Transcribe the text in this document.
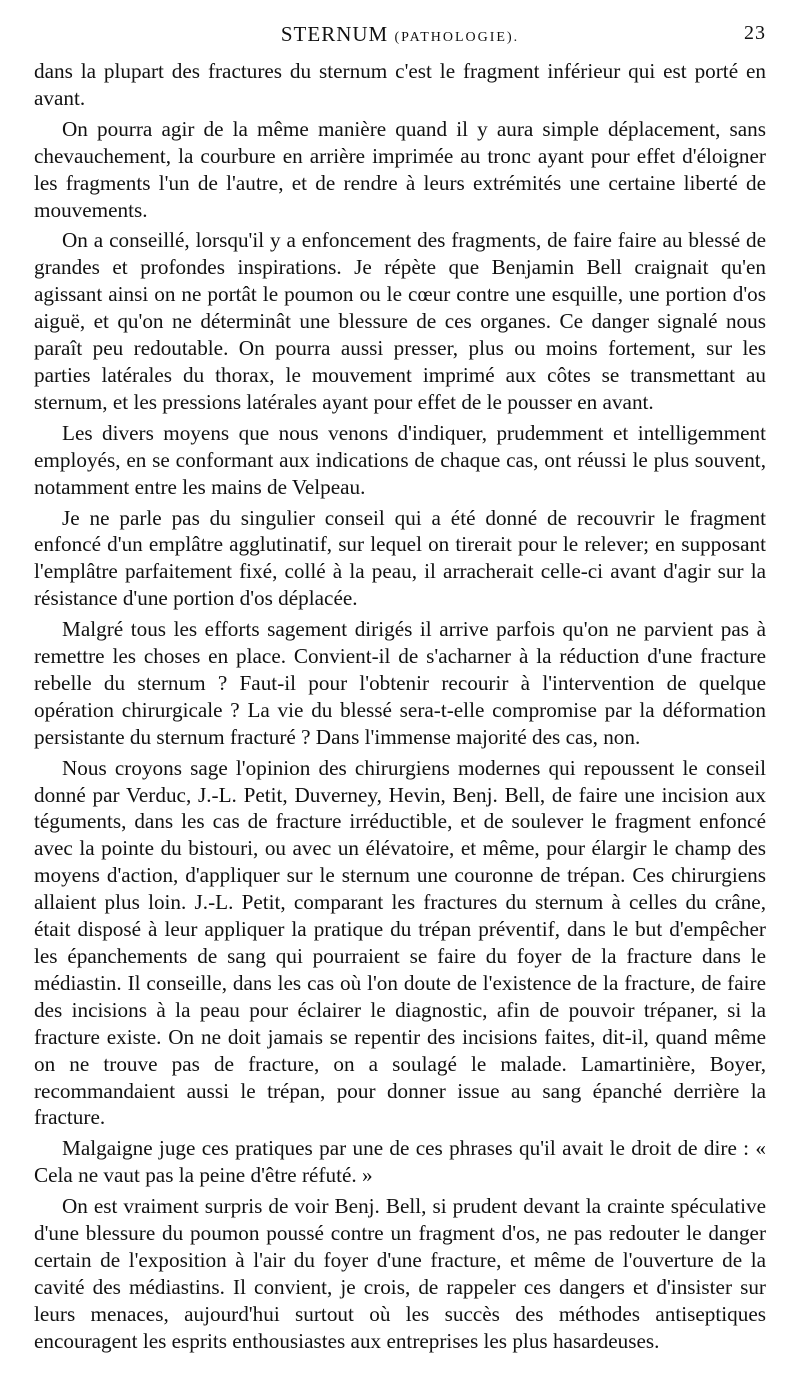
STERNUM (PATHOLOGIE).	23

dans la plupart des fractures du sternum c'est le fragment inférieur qui est porté en avant.

On pourra agir de la même manière quand il y aura simple déplacement, sans chevauchement, la courbure en arrière imprimée au tronc ayant pour effet d'éloigner les fragments l'un de l'autre, et de rendre à leurs extrémités une certaine liberté de mouvements.

On a conseillé, lorsqu'il y a enfoncement des fragments, de faire faire au blessé de grandes et profondes inspirations. Je répète que Benjamin Bell craignait qu'en agissant ainsi on ne portât le poumon ou le cœur contre une esquille, une portion d'os aiguë, et qu'on ne déterminât une blessure de ces organes. Ce danger signalé nous paraît peu redoutable. On pourra aussi presser, plus ou moins fortement, sur les parties latérales du thorax, le mouvement imprimé aux côtes se transmettant au sternum, et les pressions latérales ayant pour effet de le pousser en avant.

Les divers moyens que nous venons d'indiquer, prudemment et intelligemment employés, en se conformant aux indications de chaque cas, ont réussi le plus souvent, notamment entre les mains de Velpeau.

Je ne parle pas du singulier conseil qui a été donné de recouvrir le fragment enfoncé d'un emplâtre agglutinatif, sur lequel on tirerait pour le relever; en supposant l'emplâtre parfaitement fixé, collé à la peau, il arracherait celle-ci avant d'agir sur la résistance d'une portion d'os déplacée.

Malgré tous les efforts sagement dirigés il arrive parfois qu'on ne parvient pas à remettre les choses en place. Convient-il de s'acharner à la réduction d'une fracture rebelle du sternum ? Faut-il pour l'obtenir recourir à l'intervention de quelque opération chirurgicale ? La vie du blessé sera-t-elle compromise par la déformation persistante du sternum fracturé ? Dans l'immense majorité des cas, non.

Nous croyons sage l'opinion des chirurgiens modernes qui repoussent le conseil donné par Verduc, J.-L. Petit, Duverney, Hevin, Benj. Bell, de faire une incision aux téguments, dans les cas de fracture irréductible, et de soulever le fragment enfoncé avec la pointe du bistouri, ou avec un élévatoire, et même, pour élargir le champ des moyens d'action, d'appliquer sur le sternum une couronne de trépan. Ces chirurgiens allaient plus loin. J.-L. Petit, comparant les fractures du sternum à celles du crâne, était disposé à leur appliquer la pratique du trépan préventif, dans le but d'empêcher les épanchements de sang qui pourraient se faire du foyer de la fracture dans le médiastin. Il conseille, dans les cas où l'on doute de l'existence de la fracture, de faire des incisions à la peau pour éclairer le diagnostic, afin de pouvoir trépaner, si la fracture existe. On ne doit jamais se repentir des incisions faites, dit-il, quand même on ne trouve pas de fracture, on a soulagé le malade. Lamartinière, Boyer, recommandaient aussi le trépan, pour donner issue au sang épanché derrière la fracture.

Malgaigne juge ces pratiques par une de ces phrases qu'il avait le droit de dire : « Cela ne vaut pas la peine d'être réfuté. »

On est vraiment surpris de voir Benj. Bell, si prudent devant la crainte spéculative d'une blessure du poumon poussé contre un fragment d'os, ne pas redouter le danger certain de l'exposition à l'air du foyer d'une fracture, et même de l'ouverture de la cavité des médiastins. Il convient, je crois, de rappeler ces dangers et d'insister sur leurs menaces, aujourd'hui surtout où les succès des méthodes antiseptiques encouragent les esprits enthousiastes aux entreprises les plus hasardeuses.
